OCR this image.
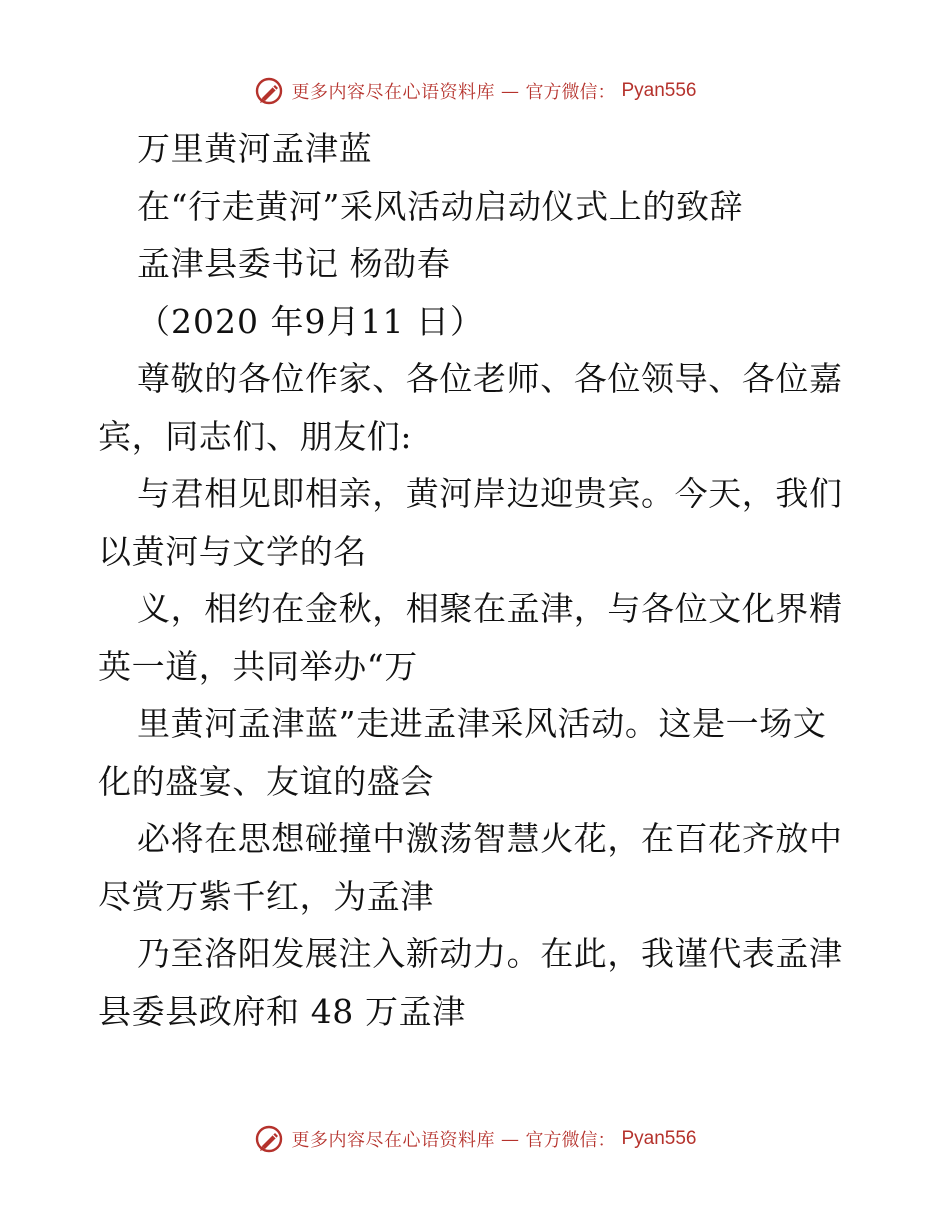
更多内容尽在心语资料库 — 官方微信： Pyan556
万里黄河孟津蓝
在“行走黄河”采风活动启动仪式上的致辞
孟津县委书记 杨劭春
（2020 年9月11 日）
尊敬的各位作家、各位老师、各位领导、各位嘉
宾，同志们、朋友们:
与君相见即相亲，黄河岸边迎贵宾。今天，我们
以黄河与文学的名
义，相约在金秋，相聚在孟津，与各位文化界精
英一道，共同举办“万
里黄河孟津蓝”走进孟津采风活动。这是一场文
化的盛宴、友谊的盛会
必将在思想碰撞中激荡智慧火花，在百花齐放中
尽赏万紫千红，为孟津
乃至洛阳发展注入新动力。在此，我谨代表孟津
县委县政府和 48 万孟津
更多内容尽在心语资料库 — 官方微信： Pyan556
